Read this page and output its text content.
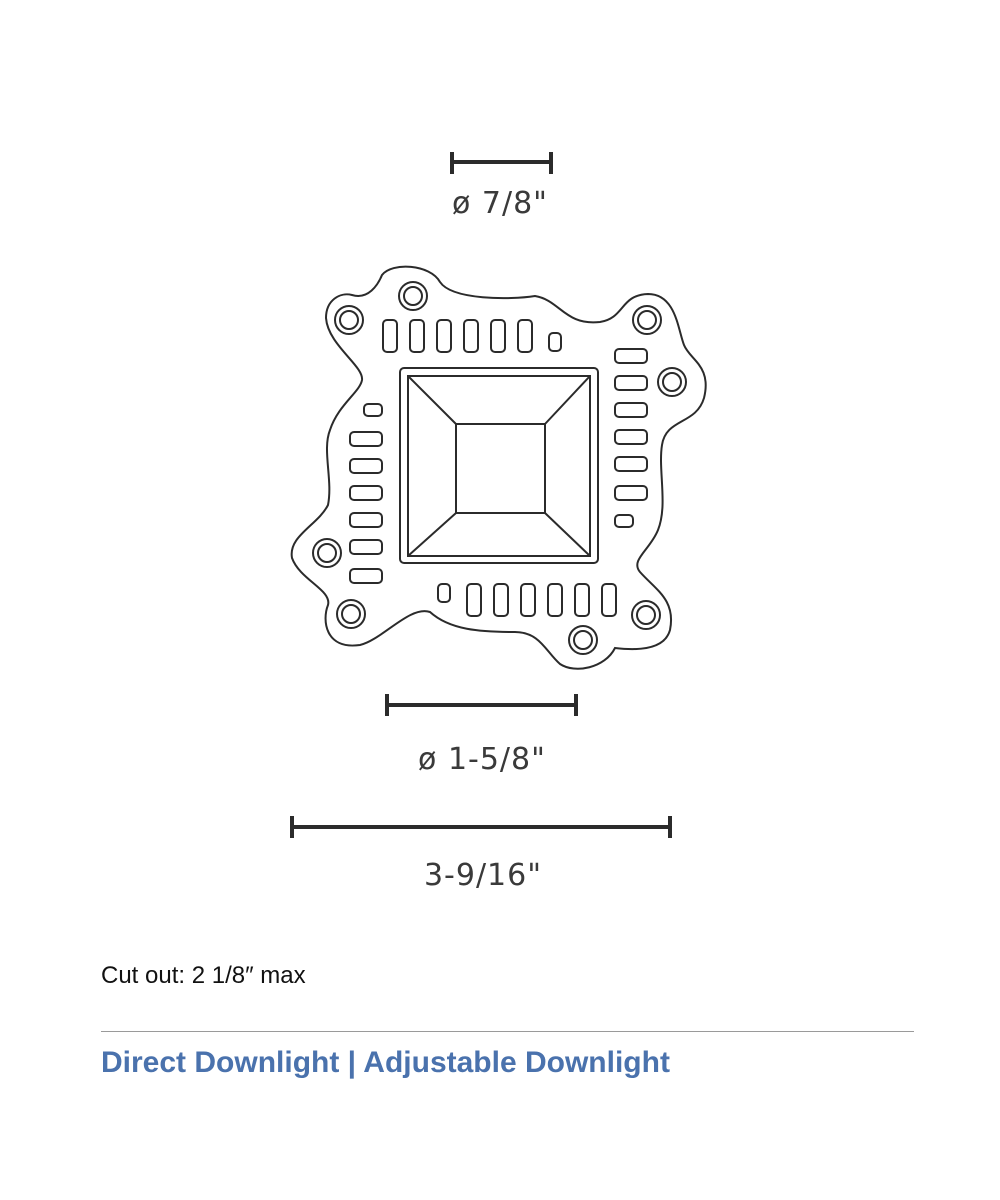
ø 7/8"
ø 1-5/8"
3-9/16"
Cut out: 2 1/8″ max
Direct Downlight | Adjustable Downlight
